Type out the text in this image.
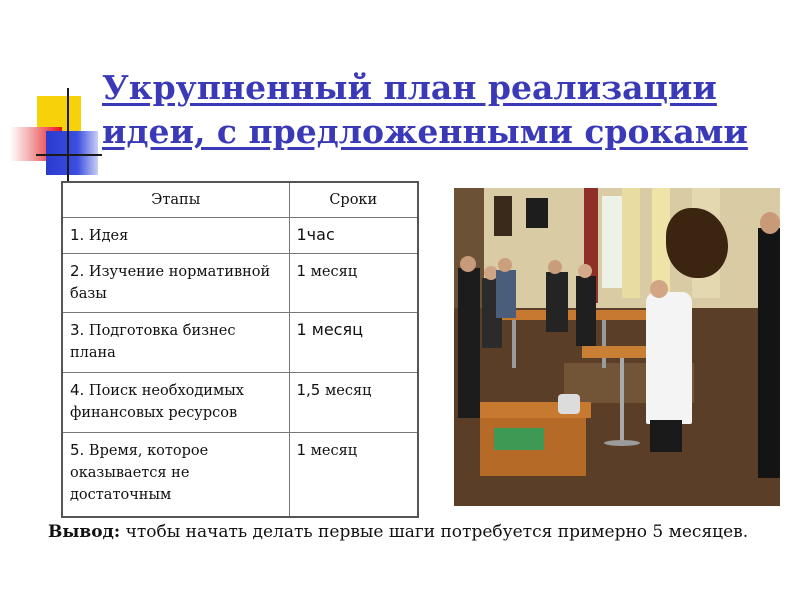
Укрупненный план реализации идеи, с предложенными сроками
Этапы	Сроки
1. Идея	1час
2. Изучение нормативной базы	1 месяц
3. Подготовка бизнес плана	1 месяц
4. Поиск необходимых финансовых ресурсов	1,5 месяц
5. Время, которое оказывается не достаточным	1 месяц

Вывод: чтобы начать делать первые шаги потребуется примерно 5 месяцев.
